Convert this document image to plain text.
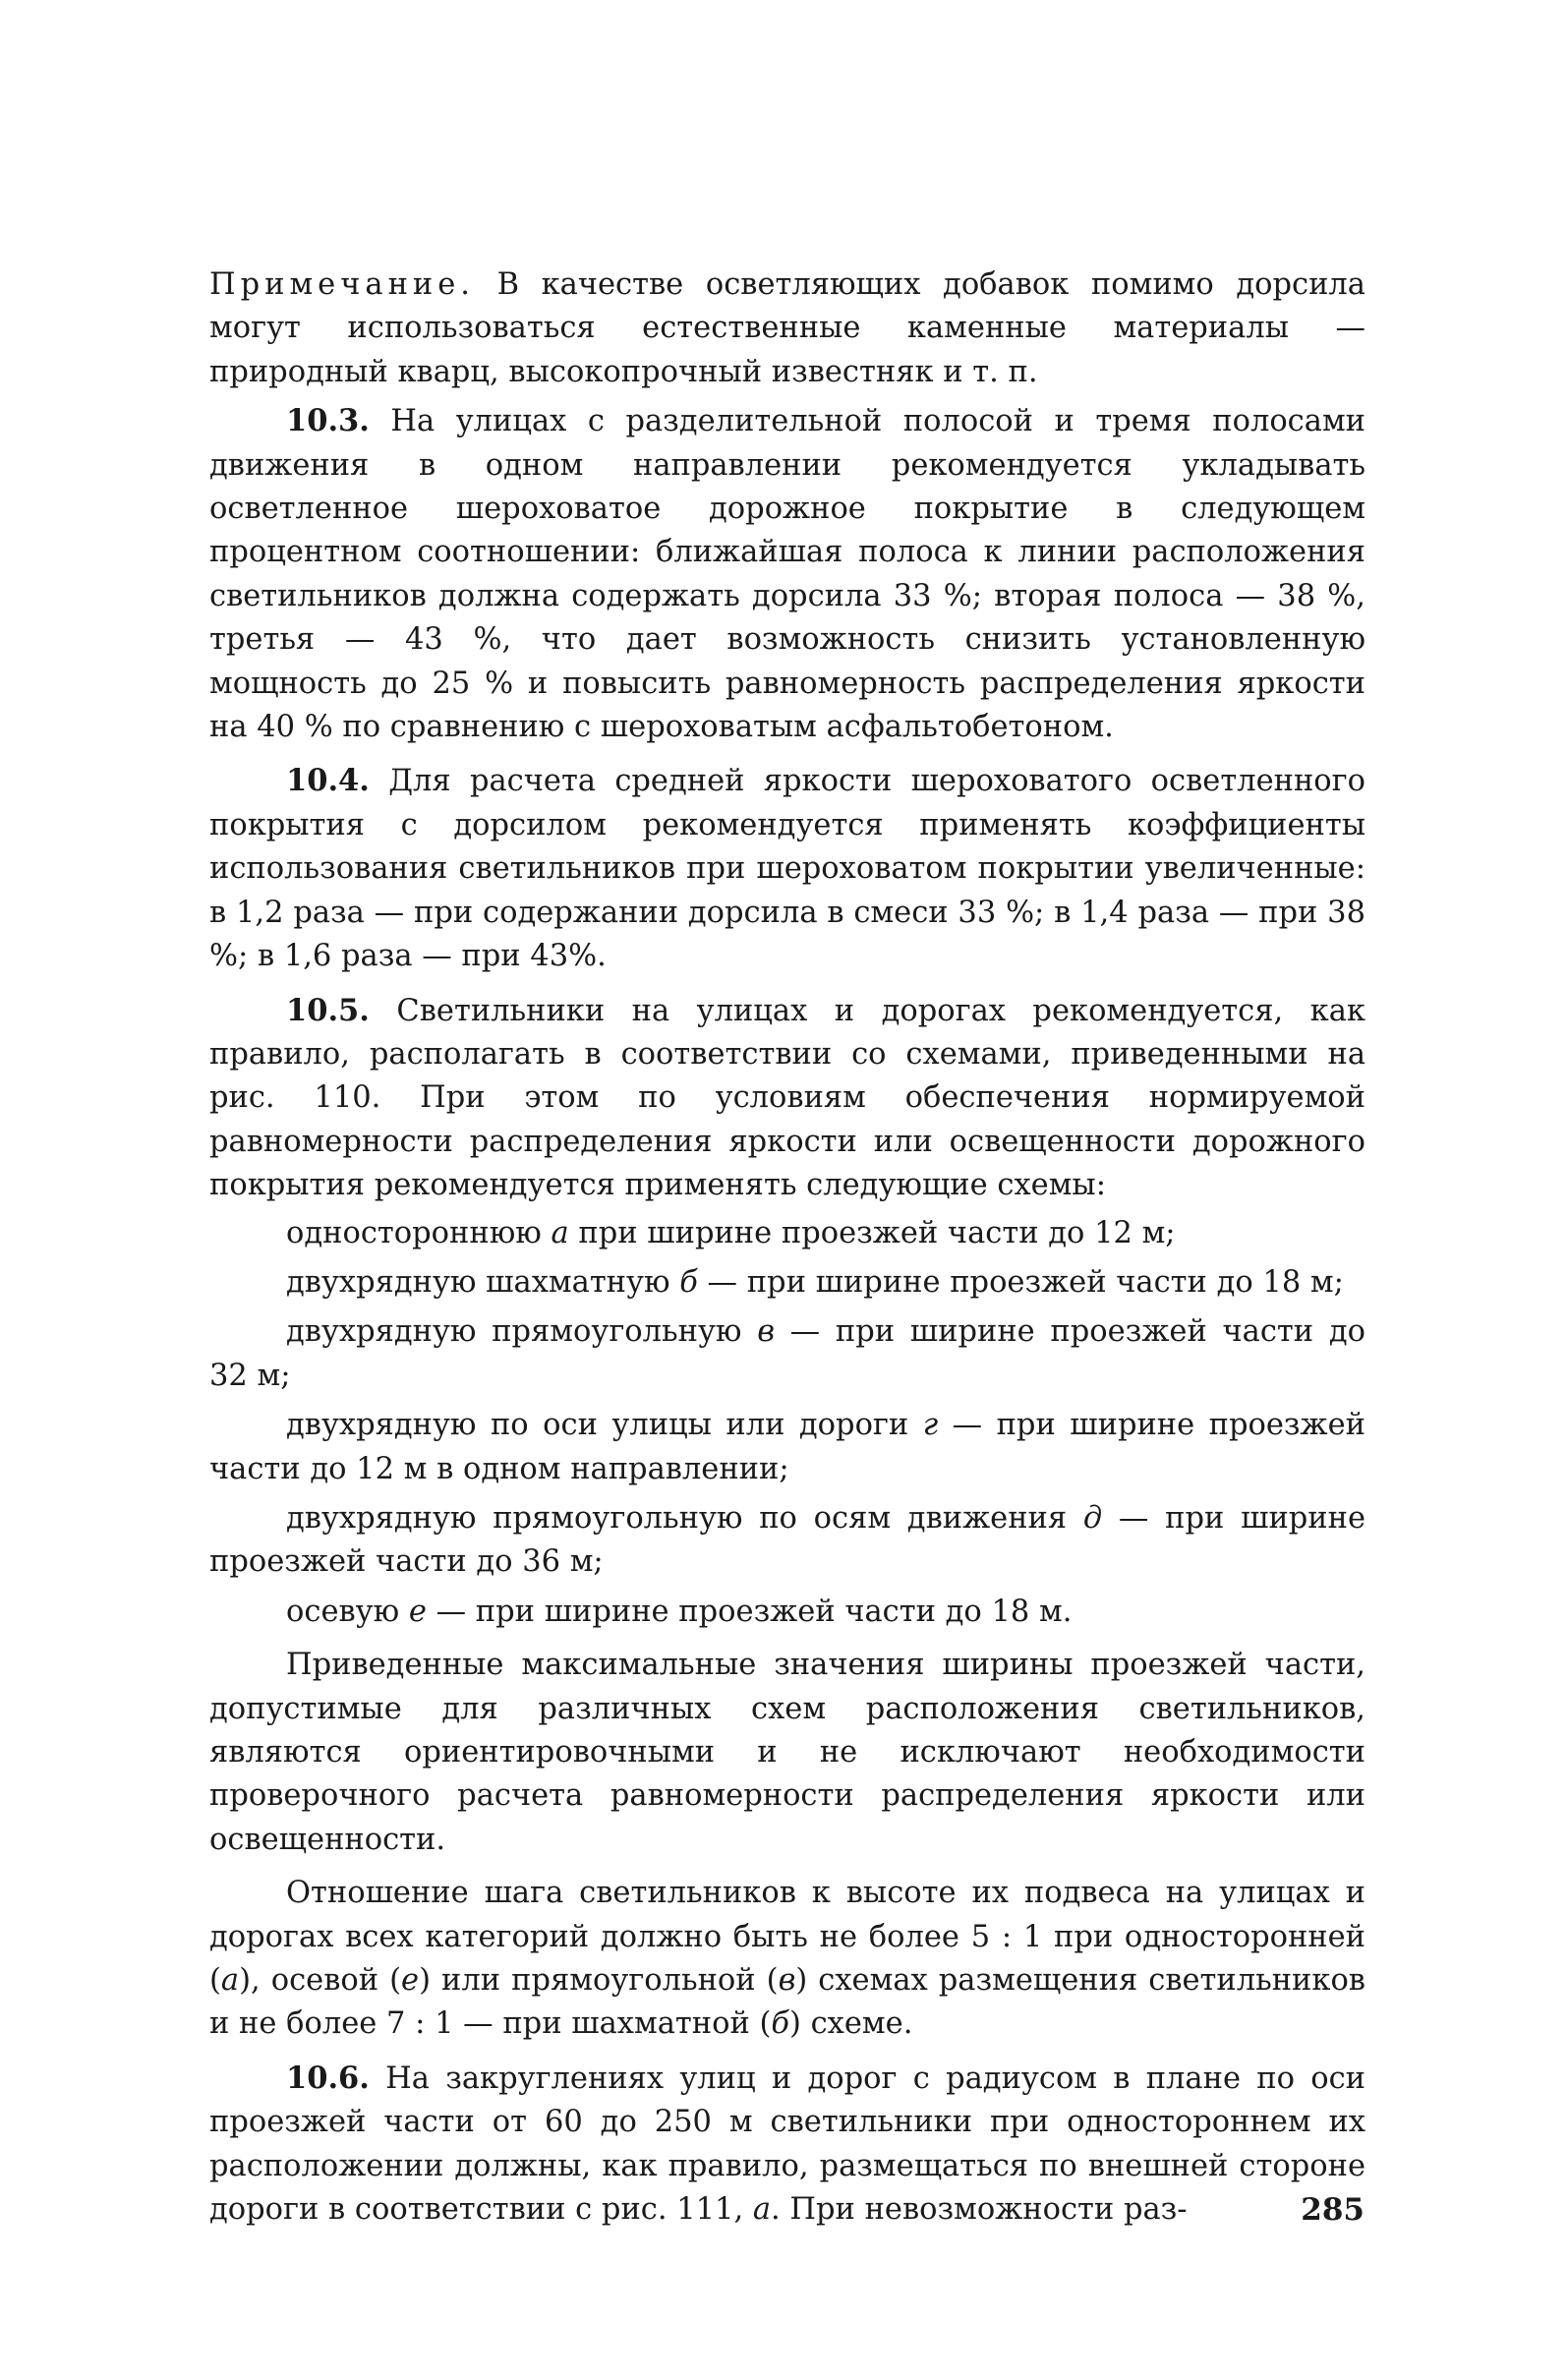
Примечание. В качестве осветляющих добавок помимо дорсила могут использоваться естественные каменные материалы — природный кварц, высокопрочный известняк и т. п.

10.3. На улицах с разделительной полосой и тремя полосами движения в одном направлении рекомендуется укладывать осветленное шероховатое дорожное покрытие в следующем процентном соотношении: ближайшая полоса к линии расположения светильников должна содержать дорсила 33 %; вторая полоса — 38 %, третья — 43 %, что дает возможность снизить установленную мощность до 25 % и повысить равномерность распределения яркости на 40 % по сравнению с шероховатым асфальтобетоном.

10.4. Для расчета средней яркости шероховатого осветленного покрытия с дорсилом рекомендуется применять коэффициенты использования светильников при шероховатом покрытии увеличенные: в 1,2 раза — при содержании дорсила в смеси 33 %; в 1,4 раза — при 38 %; в 1,6 раза — при 43%.

10.5. Светильники на улицах и дорогах рекомендуется, как правило, располагать в соответствии со схемами, приведенными на рис. 110. При этом по условиям обеспечения нормируемой равномерности распределения яркости или освещенности дорожного покрытия рекомендуется применять следующие схемы:

одностороннюю а при ширине проезжей части до 12 м;

двухрядную шахматную б — при ширине проезжей части до 18 м;

двухрядную прямоугольную в — при ширине проезжей части до 32 м;

двухрядную по оси улицы или дороги г — при ширине проезжей части до 12 м в одном направлении;

двухрядную прямоугольную по осям движения д — при ширине проезжей части до 36 м;

осевую е — при ширине проезжей части до 18 м.

Приведенные максимальные значения ширины проезжей части, допустимые для различных схем расположения светильников, являются ориентировочными и не исключают необходимости проверочного расчета равномерности распределения яркости или освещенности.

Отношение шага светильников к высоте их подвеса на улицах и дорогах всех категорий должно быть не более 5 : 1 при односторонней (а), осевой (е) или прямоугольной (в) схемах размещения светильников и не более 7 : 1 — при шахматной (б) схеме.

10.6. На закруглениях улиц и дорог с радиусом в плане по оси проезжей части от 60 до 250 м светильники при одностороннем их расположении должны, как правило, размещаться по внешней стороне дороги в соответствии с рис. 111, а. При невозможности раз-	285
